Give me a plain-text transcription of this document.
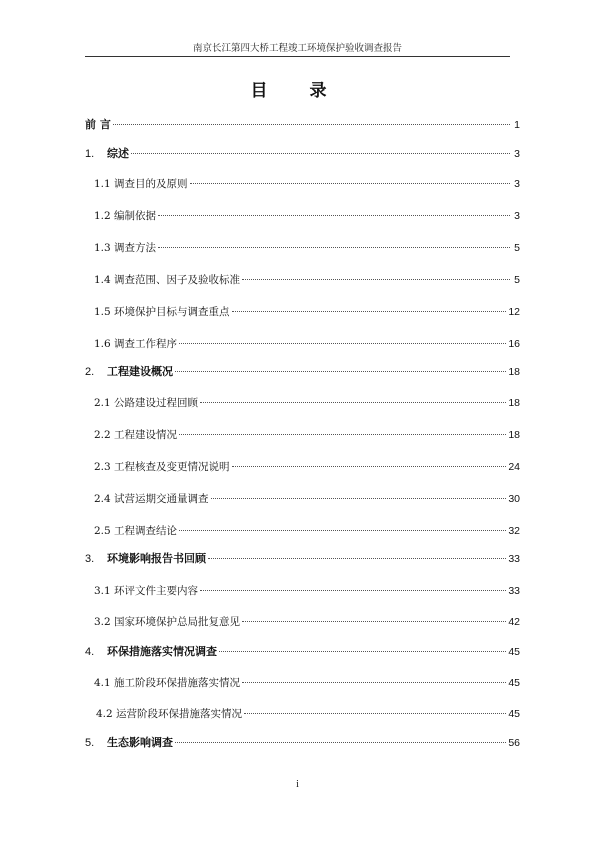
南京长江第四大桥工程竣工环境保护验收调查报告
目 录
前 言	1
1.	综述	3
1.1 调查目的及原则	3
1.2 编制依据	3
1.3 调查方法	5
1.4 调查范围、因子及验收标准	5
1.5 环境保护目标与调查重点	12
1.6 调查工作程序	16
2.	工程建设概况	18
2.1 公路建设过程回顾	18
2.2 工程建设情况	18
2.3 工程核查及变更情况说明	24
2.4 试营运期交通量调查	30
2.5 工程调查结论	32
3.	环境影响报告书回顾	33
3.1 环评文件主要内容	33
3.2 国家环境保护总局批复意见	42
4.	环保措施落实情况调查	45
4.1 施工阶段环保措施落实情况	45
4.2 运营阶段环保措施落实情况	45
5.	生态影响调查	56
i
